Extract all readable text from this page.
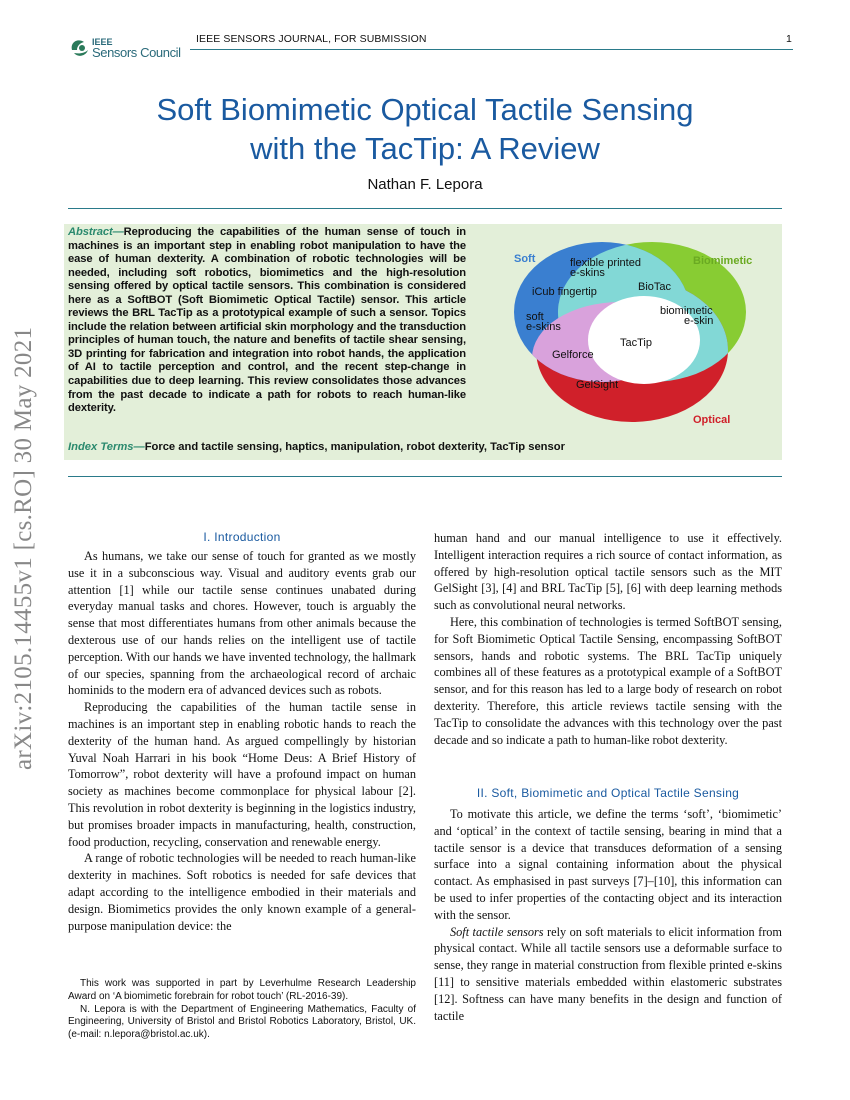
IEEE
Sensors Council
IEEE SENSORS JOURNAL, FOR SUBMISSION	1
arXiv:2105.14455v1 [cs.RO] 30 May 2021
Soft Biomimetic Optical Tactile Sensing
with the TacTip: A Review
Nathan F. Lepora
Abstract—Reproducing the capabilities of the human sense of touch in machines is an important step in enabling robot manipulation to have the ease of human dexterity. A combination of robotic technologies will be needed, including soft robotics, biomimetics and the high-resolution sensing offered by optical tactile sensors. This combination is considered here as a SoftBOT (Soft Biomimetic Optical Tactile) sensor. This article reviews the BRL TacTip as a prototypical example of such a sensor. Topics include the relation between artificial skin morphology and the transduction principles of human touch, the nature and benefits of tactile shear sensing, 3D printing for fabrication and integration into robot hands, the application of AI to tactile perception and control, and the recent step-change in capabilities due to deep learning. This review consolidates those advances from the past decade to indicate a path for robots to reach human-like dexterity.
Index Terms—Force and tactile sensing, haptics, manipulation, robot dexterity, TacTip sensor
Soft	Biomimetic
Optical
flexible printed
e-skins
iCub fingertip	BioTac
soft
e-skins
biomimetic
e-skin
TacTip
Gelforce
GelSight
I. Introduction

As humans, we take our sense of touch for granted as we mostly use it in a subconscious way. Visual and auditory events grab our attention [1] while our tactile sense continues unabated during everyday manual tasks and chores. However, touch is arguably the sense that most differentiates humans from other animals because the dexterous use of our hands relies on the intelligent use of tactile perception. With our hands we have invented technology, the hallmark of our species, spanning from the archaeological record of archaic hominids to the modern era of advanced devices such as robots.

Reproducing the capabilities of the human tactile sense in machines is an important step in enabling robotic hands to reach the dexterity of the human hand. As argued compellingly by historian Yuval Noah Harrari in his book “Home Deus: A Brief History of Tomorrow”, robot dexterity will have a profound impact on human society as machines become commonplace for physical labour [2]. This revolution in robot dexterity is beginning in the logistics industry, but promises broader impacts in manufacturing, health, construction, food production, recycling, conservation and renewable energy.

A range of robotic technologies will be needed to reach human-like dexterity in machines. Soft robotics is needed for safe devices that adapt according to the intelligence embodied in their materials and design. Biomimetics provides the only known example of a general-purpose manipulation device: the

This work was supported in part by Leverhulme Research Leadership Award on ‘A biomimetic forebrain for robot touch’ (RL-2016-39).

N. Lepora is with the Department of Engineering Mathematics, Faculty of Engineering, University of Bristol and Bristol Robotics Laboratory, Bristol, UK. (e-mail: n.lepora@bristol.ac.uk).

human hand and our manual intelligence to use it effectively. Intelligent interaction requires a rich source of contact information, as offered by high-resolution optical tactile sensors such as the MIT GelSight [3], [4] and BRL TacTip [5], [6] with deep learning methods such as convolutional neural networks.

Here, this combination of technologies is termed SoftBOT sensing, for Soft Biomimetic Optical Tactile Sensing, encompassing SoftBOT sensors, hands and robotic systems. The BRL TacTip uniquely combines all of these features as a prototypical example of a SoftBOT sensor, and for this reason has led to a large body of research on robot dexterity. Therefore, this article reviews tactile sensing with the TacTip to consolidate the advances with this technology over the past decade and so indicate a path to human-like robot dexterity.

II. Soft, Biomimetic and Optical Tactile Sensing

To motivate this article, we define the terms ‘soft’, ‘biomimetic’ and ‘optical’ in the context of tactile sensing, bearing in mind that a tactile sensor is a device that transduces deformation of a sensing surface into a signal containing information about the physical contact. As emphasised in past surveys [7]–[10], this information can be used to infer properties of the contacting object and its interaction with the sensor.

Soft tactile sensors rely on soft materials to elicit information from physical contact. While all tactile sensors use a deformable surface to sense, they range in material construction from flexible printed e-skins [11] to sensitive materials embedded within elastomeric substrates [12]. Softness can have many benefits in the design and function of tactile
